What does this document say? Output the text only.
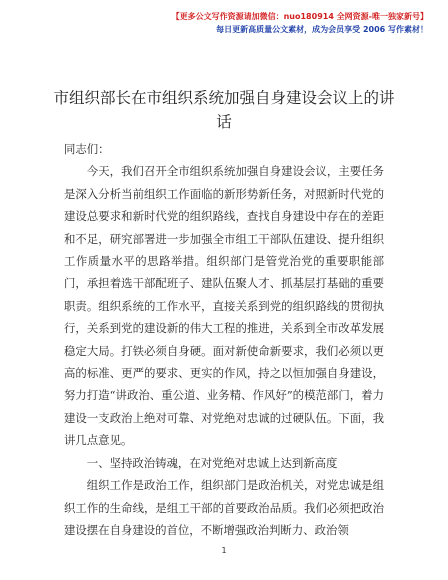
【更多公文写作资源请加微信：nuo180914 全网资源-唯一独家新号】
每日更新高质量公文素材，成为会员享受 2006 写作素材！
市组织部长在市组织系统加强自身建设会议上的讲话

同志们：

今天，我们召开全市组织系统加强自身建设会议，主要任务是深入分析当前组织工作面临的新形势新任务，对照新时代党的建设总要求和新时代党的组织路线，查找自身建设中存在的差距和不足，研究部署进一步加强全市组工干部队伍建设、提升组织工作质量水平的思路举措。组织部门是管党治党的重要职能部门，承担着选干部配班子、建队伍聚人才、抓基层打基础的重要职责。组织系统的工作水平，直接关系到党的组织路线的贯彻执行，关系到党的建设新的伟大工程的推进，关系到全市改革发展稳定大局。打铁必须自身硬。面对新使命新要求，我们必须以更高的标准、更严的要求、更实的作风，持之以恒加强自身建设，努力打造“讲政治、重公道、业务精、作风好”的模范部门，着力建设一支政治上绝对可靠、对党绝对忠诚的过硬队伍。下面，我讲几点意见。

一、坚持政治铸魂，在对党绝对忠诚上达到新高度

组织工作是政治工作，组织部门是政治机关，对党忠诚是组织工作的生命线，是组工干部的首要政治品质。我们必须把政治建设摆在自身建设的首位，不断增强政治判断力、政治领

1
